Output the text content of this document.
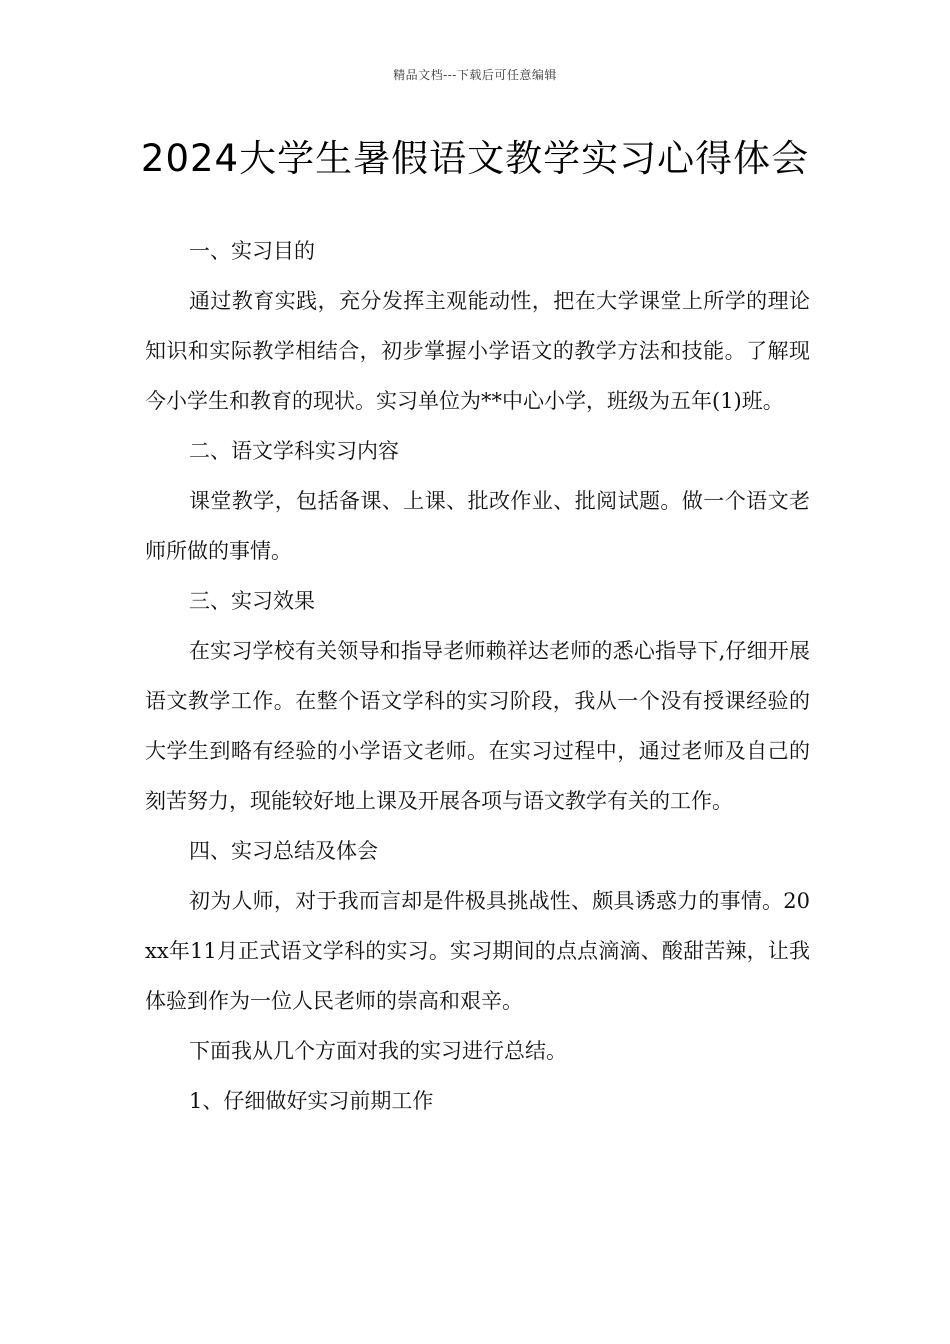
精品文档---下载后可任意编辑
2024大学生暑假语文教学实习心得体会

一、实习目的

通过教育实践，充分发挥主观能动性，把在大学课堂上所学的理论知识和实际教学相结合，初步掌握小学语文的教学方法和技能。了解现今小学生和教育的现状。实习单位为**中心小学，班级为五年(1)班。

二、语文学科实习内容

课堂教学，包括备课、上课、批改作业、批阅试题。做一个语文老师所做的事情。

三、实习效果

在实习学校有关领导和指导老师赖祥达老师的悉心指导下,仔细开展语文教学工作。在整个语文学科的实习阶段，我从一个没有授课经验的大学生到略有经验的小学语文老师。在实习过程中，通过老师及自己的刻苦努力，现能较好地上课及开展各项与语文教学有关的工作。

四、实习总结及体会

初为人师，对于我而言却是件极具挑战性、颇具诱惑力的事情。20xx年11月正式语文学科的实习。实习期间的点点滴滴、酸甜苦辣，让我体验到作为一位人民老师的崇高和艰辛。

下面我从几个方面对我的实习进行总结。

1、仔细做好实习前期工作
